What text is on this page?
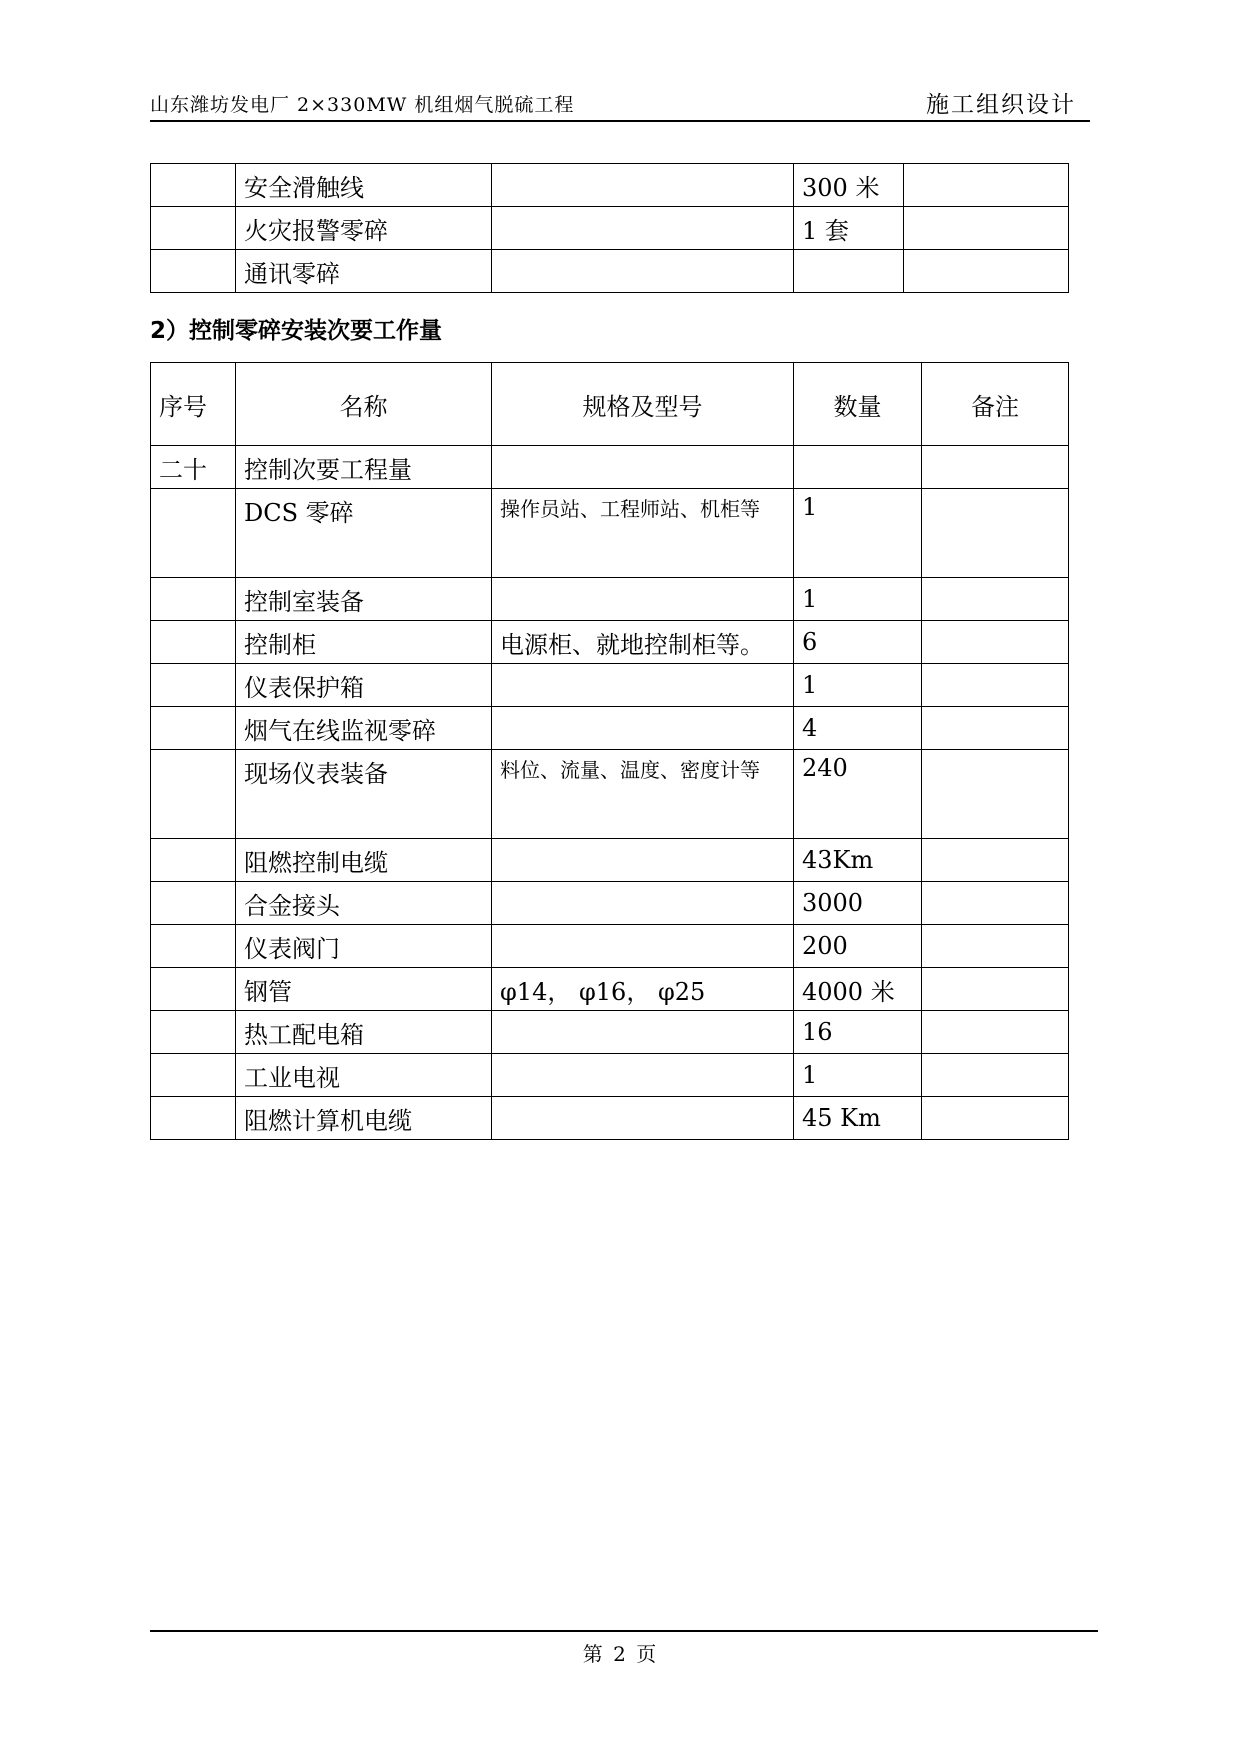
山东潍坊发电厂 2×330MW 机组烟气脱硫工程	施工组织设计
	安全滑触线		300 米	
	火灾报警零碎		1 套	
	通讯零碎			
2）控制零碎安装次要工作量
序号	名称	规格及型号	数量	备注
二十	控制次要工程量			
	DCS 零碎	操作员站、工程师站、机柜等	1	
	控制室装备		1	
	控制柜	电源柜、就地控制柜等。	6	
	仪表保护箱		1	
	烟气在线监视零碎		4	
	现场仪表装备	料位、流量、温度、密度计等	240	
	阻燃控制电缆		43Km	
	合金接头		3000	
	仪表阀门		200	
	钢管	φ14， φ16， φ25	4000 米	
	热工配电箱		16	
	工业电视		1	
	阻燃计算机电缆		45 Km	
第 2 页
